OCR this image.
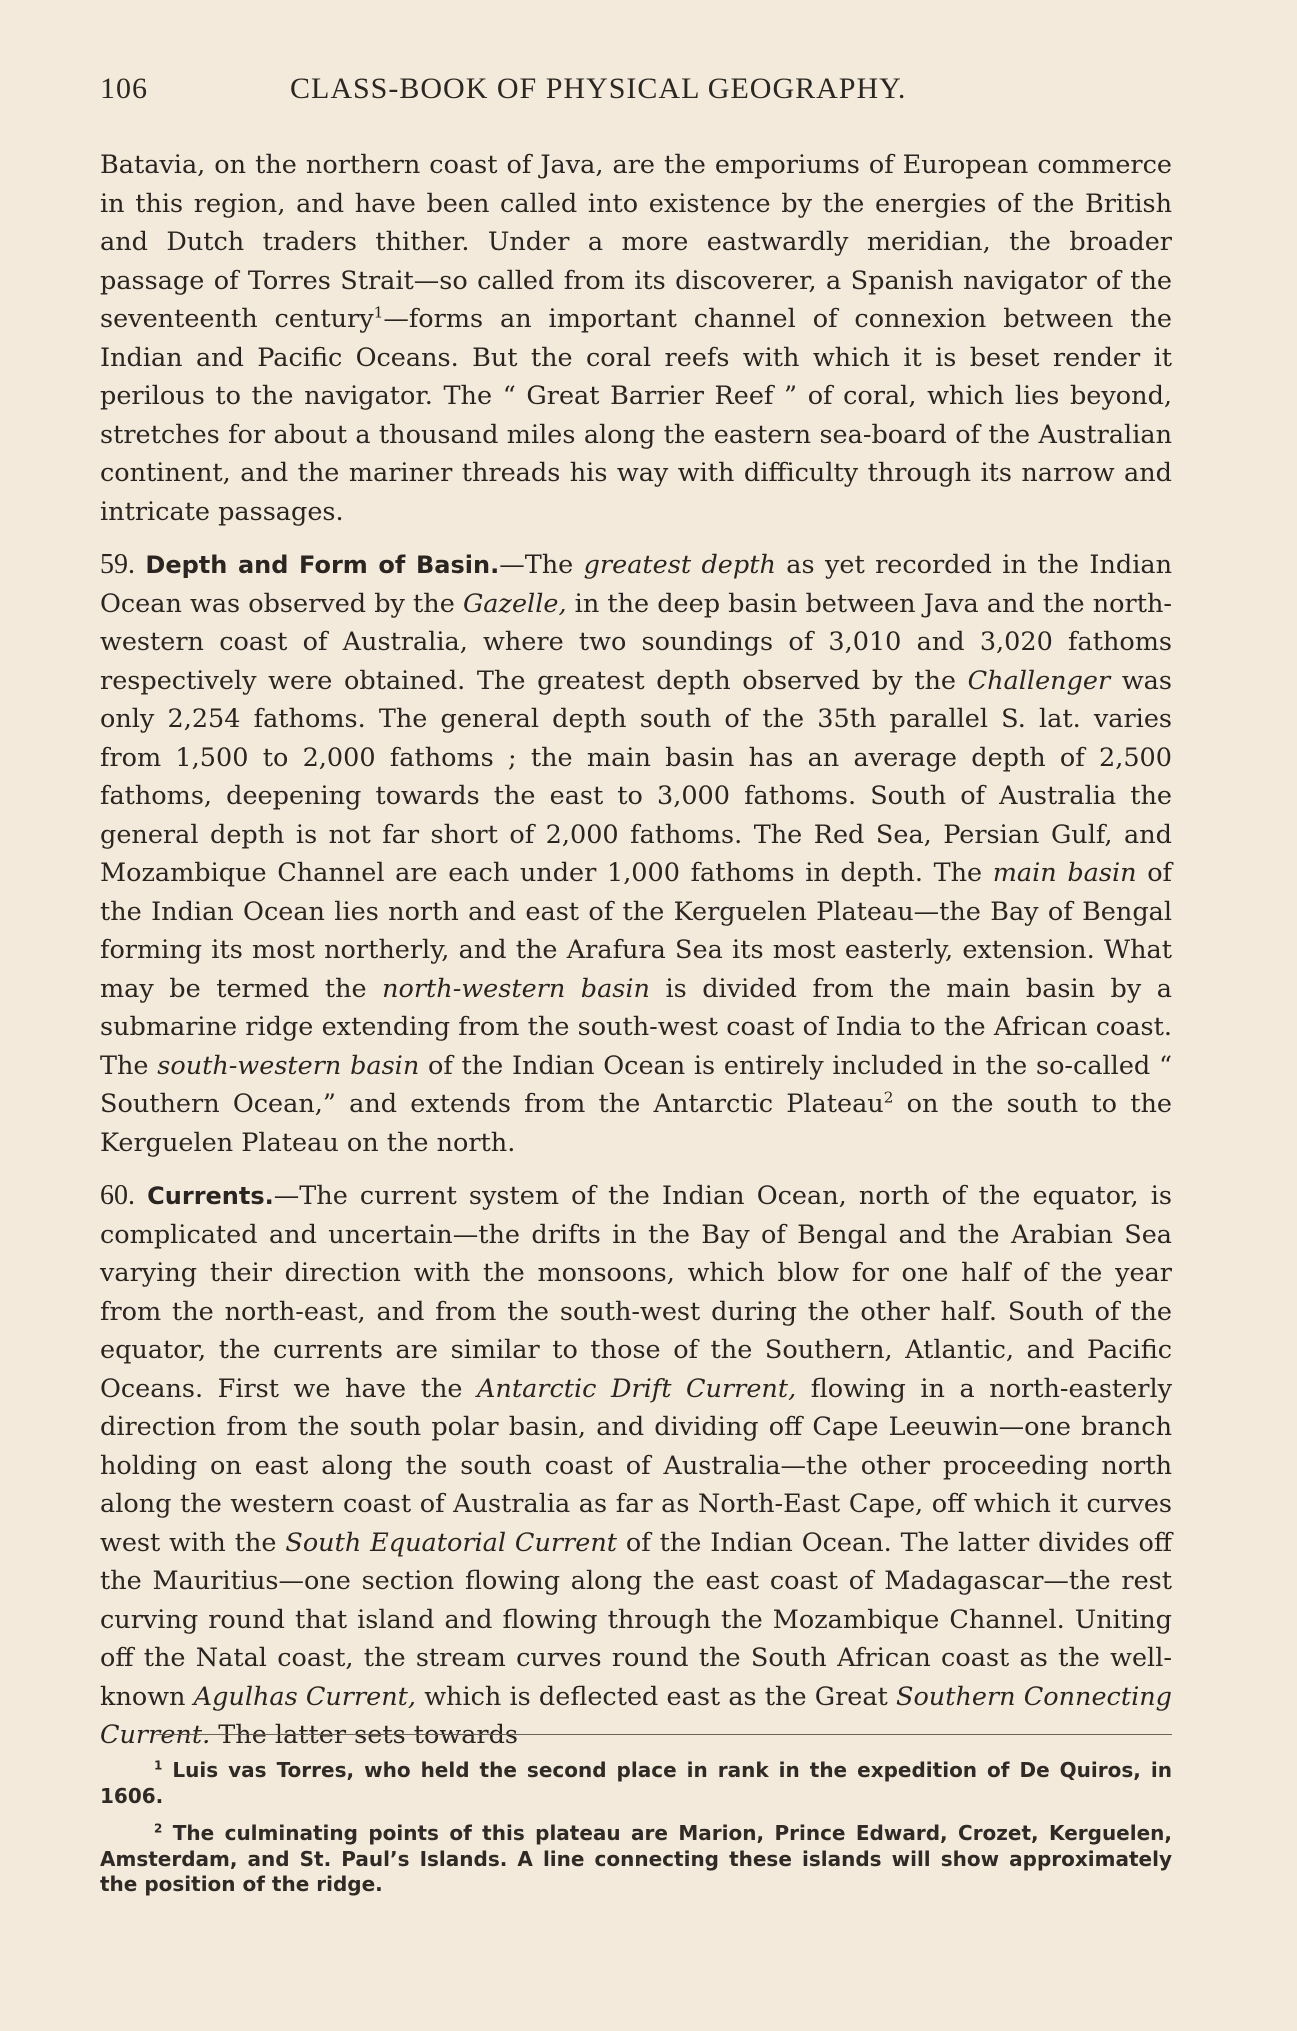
106	CLASS-BOOK OF PHYSICAL GEOGRAPHY.

Batavia, on the northern coast of Java, are the emporiums of European commerce in this region, and have been called into existence by the energies of the British and Dutch traders thither. Under a more eastwardly meridian, the broader passage of Torres Strait—so called from its discoverer, a Spanish navigator of the seventeenth century$^1$—forms an important channel of connexion between the Indian and Pacific Oceans. But the coral reefs with which it is beset render it perilous to the navigator. The “ Great Barrier Reef ” of coral, which lies beyond, stretches for about a thousand miles along the eastern sea-board of the Australian continent, and the mariner threads his way with difficulty through its narrow and intricate passages.

59. Depth and Form of Basin.—The greatest depth as yet recorded in the Indian Ocean was observed by the Gazelle, in the deep basin between Java and the north-western coast of Australia, where two soundings of 3,010 and 3,020 fathoms respectively were obtained. The greatest depth observed by the Challenger was only 2,254 fathoms. The general depth south of the 35th parallel S. lat. varies from 1,500 to 2,000 fathoms ; the main basin has an average depth of 2,500 fathoms, deepening towards the east to 3,000 fathoms. South of Australia the general depth is not far short of 2,000 fathoms. The Red Sea, Persian Gulf, and Mozambique Channel are each under 1,000 fathoms in depth. The main basin of the Indian Ocean lies north and east of the Kerguelen Plateau—the Bay of Bengal forming its most northerly, and the Arafura Sea its most easterly, extension. What may be termed the north-western basin is divided from the main basin by a submarine ridge extending from the south-west coast of India to the African coast. The south-western basin of the Indian Ocean is entirely included in the so-called “ Southern Ocean,” and extends from the Antarctic Plateau$^2$ on the south to the Kerguelen Plateau on the north.

60. Currents.—The current system of the Indian Ocean, north of the equator, is complicated and uncertain—the drifts in the Bay of Bengal and the Arabian Sea varying their direction with the monsoons, which blow for one half of the year from the north-east, and from the south-west during the other half. South of the equator, the currents are similar to those of the Southern, Atlantic, and Pacific Oceans. First we have the Antarctic Drift Current, flowing in a north-easterly direction from the south polar basin, and dividing off Cape Leeuwin—one branch holding on east along the south coast of Australia—the other proceeding north along the western coast of Australia as far as North-East Cape, off which it curves west with the South Equatorial Current of the Indian Ocean. The latter divides off the Mauritius—one section flowing along the east coast of Madagascar—the rest curving round that island and flowing through the Mozambique Channel. Uniting off the Natal coast, the stream curves round the South African coast as the well-known Agulhas Current, which is deflected east as the Great Southern Connecting Current. The latter sets towards

$^1$ Luis vas Torres, who held the second place in rank in the expedition of De Quiros, in 1606.

$^2$ The culminating points of this plateau are Marion, Prince Edward, Crozet, Kerguelen, Amsterdam, and St. Paul’s Islands. A line connecting these islands will show approximately the position of the ridge.
